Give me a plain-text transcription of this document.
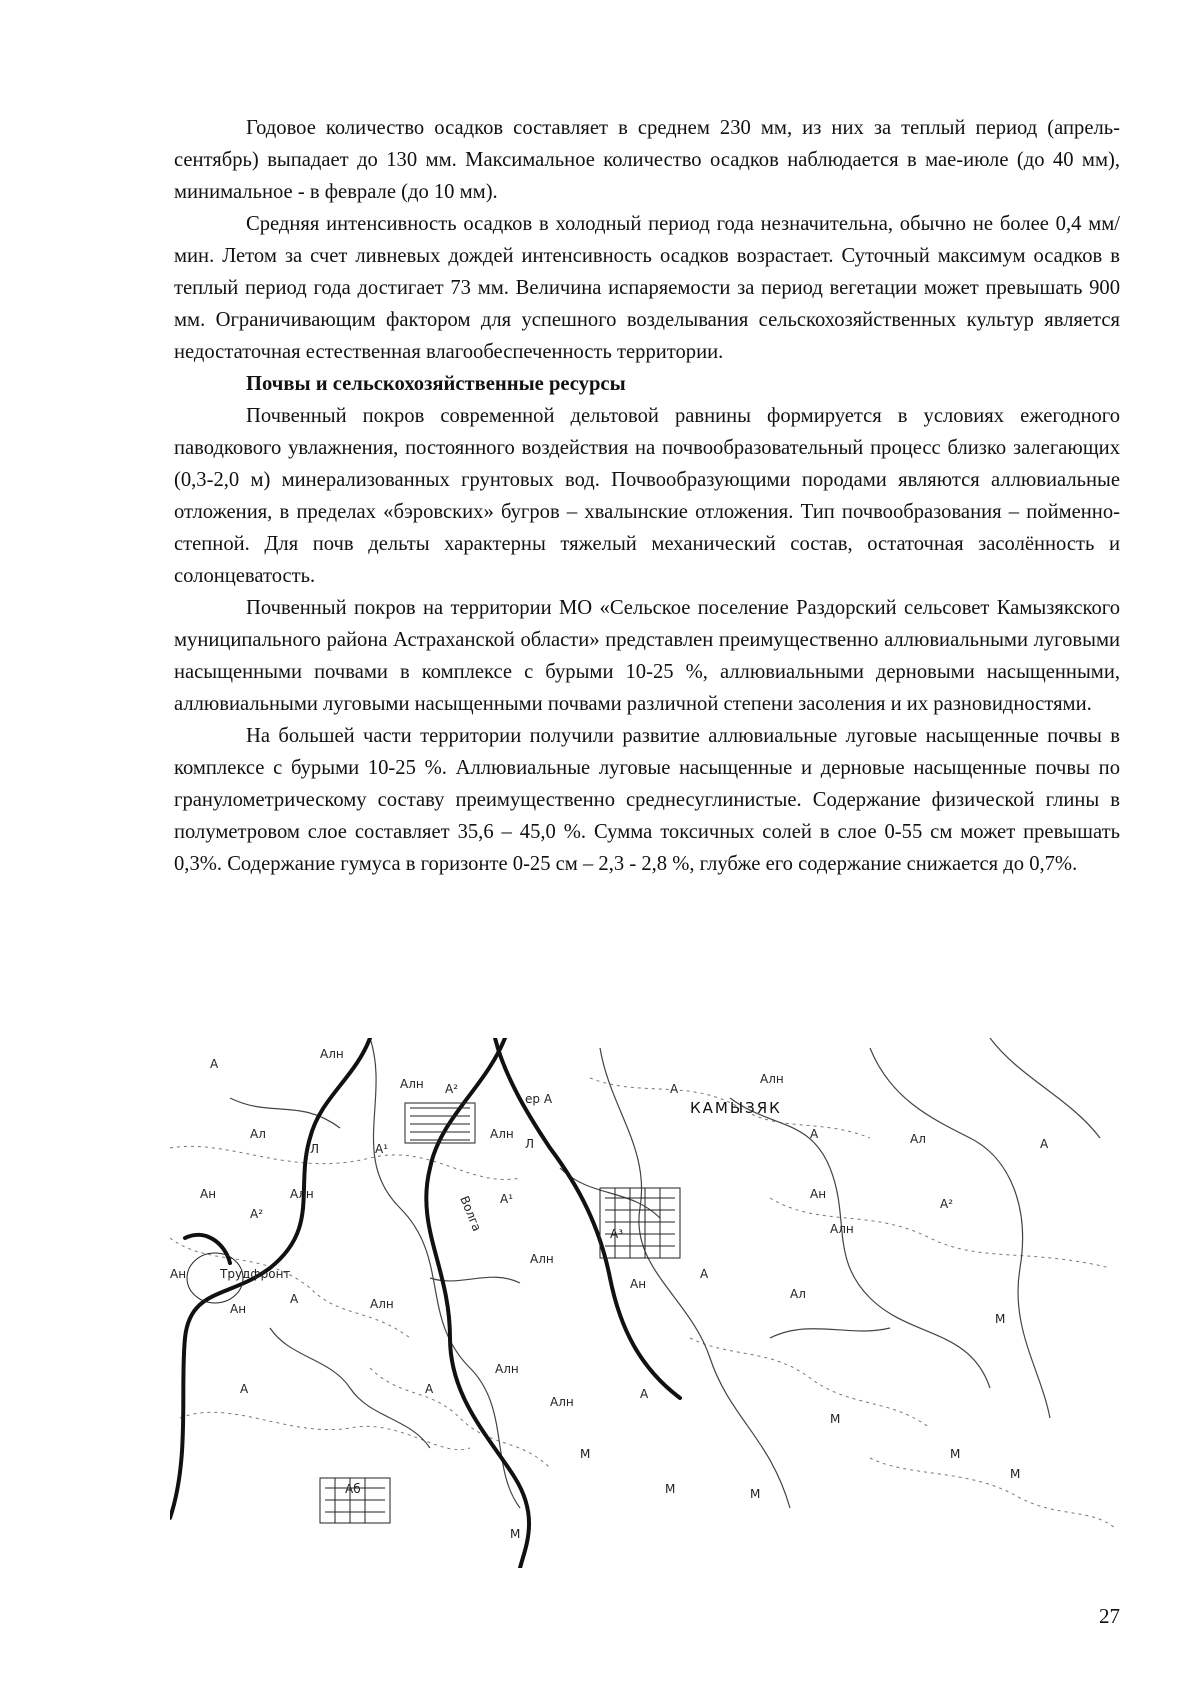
Годовое количество осадков составляет в среднем 230 мм, из них за теплый период (апрель-сентябрь) выпадает до 130 мм. Максимальное количество осадков наблюдается в мае-июле (до 40 мм), минимальное - в феврале (до 10 мм).

Средняя интенсивность осадков в холодный период года незначительна, обычно не более 0,4 мм/мин. Летом за счет ливневых дождей интенсивность осадков возрастает. Суточный максимум осадков в теплый период года достигает 73 мм. Величина испаряемости за период вегетации может превышать 900 мм. Ограничивающим фактором для успешного возделывания сельскохозяйственных культур является недостаточная естественная влагообеспеченность территории.

Почвы и сельскохозяйственные ресурсы

Почвенный покров современной дельтовой равнины формируется в условиях ежегодного паводкового увлажнения, постоянного воздействия на почвообразовательный процесс близко залегающих (0,3-2,0 м) минерализованных грунтовых вод. Почвообразующими породами являются аллювиальные отложения, в пределах «бэровских» бугров – хвалынские отложения. Тип почвообразования – пойменно-степной. Для почв дельты характерны тяжелый механический состав, остаточная засолённость и солонцеватость.

Почвенный покров на территории МО «Сельское поселение Раздорский сельсовет Камызякского муниципального района Астраханской области» представлен преимущественно аллювиальными луговыми насыщенными почвами в комплексе с бурыми 10-25 %, аллювиальными дерновыми насыщенными, аллювиальными луговыми насыщенными почвами различной степени засоления и их разновидностями.

На большей части территории получили развитие аллювиальные луговые насыщенные почвы в комплексе с бурыми 10-25 %. Аллювиальные луговые насыщенные и дерновые насыщенные почвы по гранулометрическому составу преимущественно среднесуглинистые. Содержание физической глины в полуметровом слое составляет 35,6 – 45,0 %. Сумма токсичных солей в слое 0-55 см может превышать 0,3%. Содержание гумуса в горизонте 0-25 см – 2,3 - 2,8 %, глубже его содержание снижается до 0,7%.

КАМЫЗЯК
Волга
Трудфронт
А
Алн
Алн А²
ер А
Ал
Л	А¹
Алн
Л
Ан
А²
Алн	А¹
А³
А
Алн
А	Ал	А
Ан
А²
Алн
Ан
Ан
А	Алн
Алн
Ан
А
Ал
Алн
А
Алн
А
А
М
М
М	М
М
М	М
М
Аб
27
